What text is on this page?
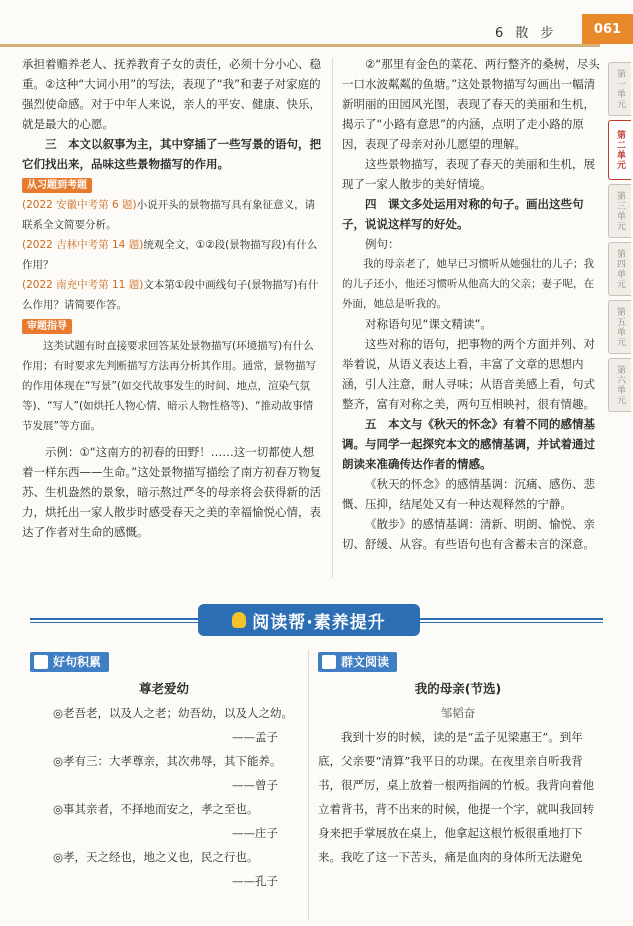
6 散 步	061
第一单元
第二单元
第三单元
第四单元
第五单元
第六单元

承担着赡养老人、抚养教育子女的责任，必须十分小心、稳重。②这种“大词小用”的写法，表现了“我”和妻子对家庭的强烈使命感。对于中年人来说，亲人的平安、健康、快乐，就是最大的心愿。

三　本文以叙事为主，其中穿插了一些写景的语句，把它们找出来，品味这些景物描写的作用。

从习题到考题

(2022 安徽中考第 6 题)小说开头的景物描写具有象征意义，请联系全文简要分析。

(2022 吉林中考第 14 题)统观全文，①②段(景物描写段)有什么作用？

(2022 南充中考第 11 题)文本第①段中画线句子(景物描写)有什么作用？请简要作答。

审题指导

这类试题有时直接要求回答某处景物描写(环境描写)有什么作用；有时要求先判断描写方法再分析其作用。通常，景物描写的作用体现在“写景”(如交代故事发生的时间、地点，渲染气氛等)、“写人”(如烘托人物心情、暗示人物性格等)、“推动故事情节发展”等方面。

示例：①“这南方的初春的田野！……这一切都使人想着一样东西——生命。”这处景物描写描绘了南方初春万物复苏、生机盎然的景象，暗示熬过严冬的母亲将会获得新的活力，烘托出一家人散步时感受春天之美的幸福愉悦心情，表达了作者对生命的感慨。

②“那里有金色的菜花、两行整齐的桑树，尽头一口水波粼粼的鱼塘。”这处景物描写勾画出一幅清新明丽的田园风光图，表现了春天的美丽和生机，揭示了“小路有意思”的内涵，点明了走小路的原因，表现了母亲对孙儿愿望的理解。

这些景物描写，表现了春天的美丽和生机，展现了一家人散步的美好情境。

四　课文多处运用对称的句子。画出这些句子，说说这样写的好处。

例句：

我的母亲老了，她早已习惯听从她强壮的儿子；我的儿子还小，他还习惯听从他高大的父亲；妻子呢，在外面，她总是听我的。

对称语句见“课文精读”。

这些对称的语句，把事物的两个方面并列、对举着说，从语义表达上看，丰富了文章的思想内涵，引人注意，耐人寻味；从语音美感上看，句式整齐，富有对称之美，两句互相映衬，很有情趣。

五　本文与《秋天的怀念》有着不同的感情基调。与同学一起探究本文的感情基调，并试着通过朗读来准确传达作者的情感。

《秋天的怀念》的感情基调：沉痛、感伤、悲慨、压抑，结尾处又有一种达观释然的宁静。

《散步》的感情基调：清新、明朗、愉悦、亲切、舒缓、从容。有些语句也有含蓄未言的深意。

阅读帮·素养提升
好句积累

尊老爱幼

◎老吾老，以及人之老；幼吾幼，以及人之幼。

——孟子

◎孝有三：大孝尊亲，其次弗辱，其下能养。

——曾子

◎事其亲者，不择地而安之，孝之至也。

——庄子

◎孝，天之经也，地之义也，民之行也。

——孔子

群文阅读

我的母亲(节选)

邹韬奋

我到十岁的时候，读的是“孟子见梁惠王”。到年底，父亲要“清算”我平日的功课。在夜里亲自听我背书，很严厉，桌上放着一根两指阔的竹板。我背向着他立着背书，背不出来的时候，他提一个字，就叫我回转身来把手掌展放在桌上，他拿起这根竹板很重地打下来。我吃了这一下苦头，痛是血肉的身体所无法避免
